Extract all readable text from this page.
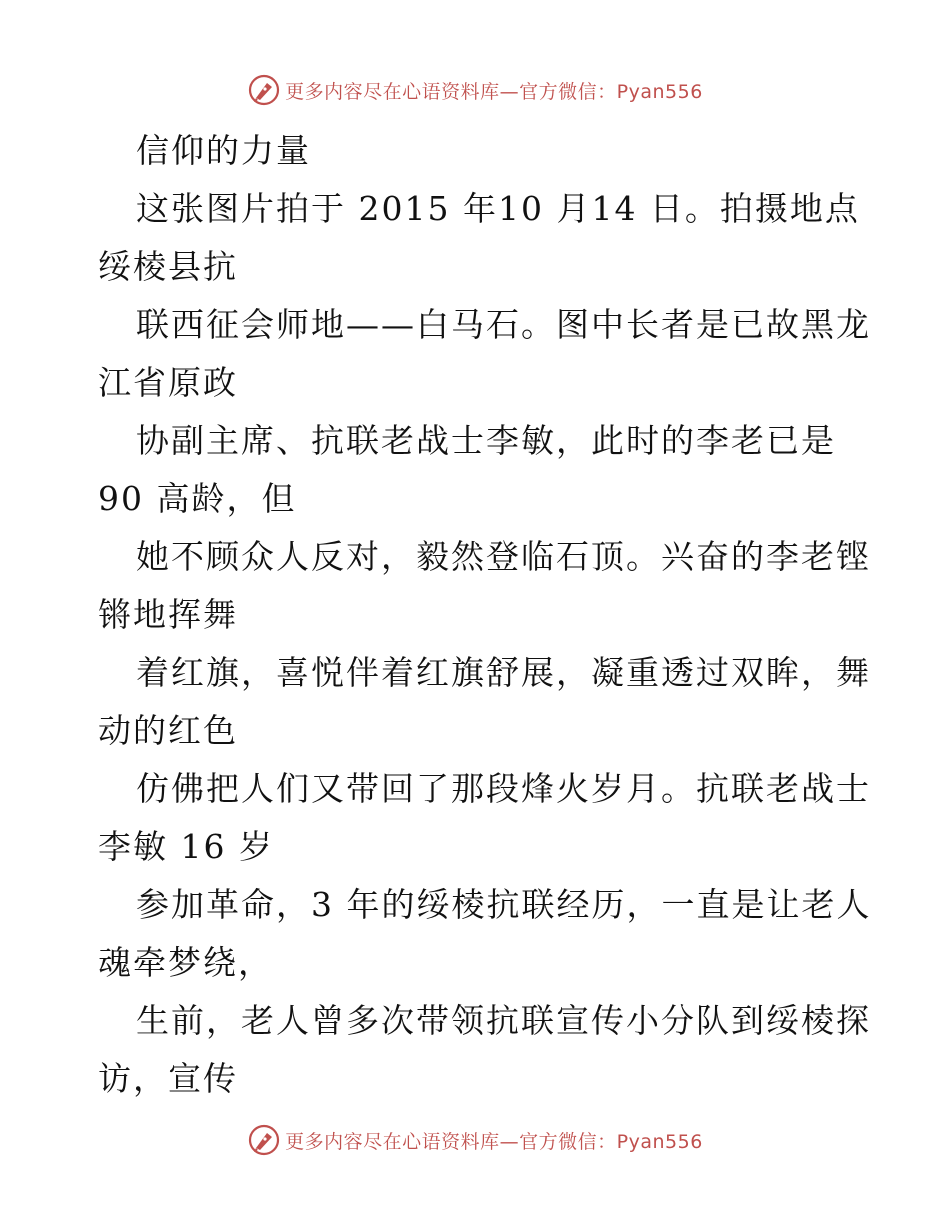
更多内容尽在心语资料库—官方微信：Pyan556
信仰的力量
这张图片拍于 2015 年10 月14 日。拍摄地点
绥棱县抗
联西征会师地——白马石。图中长者是已故黑龙
江省原政
协副主席、抗联老战士李敏，此时的李老已是
90 高龄，但
她不顾众人反对，毅然登临石顶。兴奋的李老铿
锵地挥舞
着红旗，喜悦伴着红旗舒展，凝重透过双眸，舞
动的红色
仿佛把人们又带回了那段烽火岁月。抗联老战士
李敏 16 岁
参加革命，3 年的绥棱抗联经历，一直是让老人
魂牵梦绕，
生前，老人曾多次带领抗联宣传小分队到绥棱探
访，宣传
更多内容尽在心语资料库—官方微信：Pyan556
